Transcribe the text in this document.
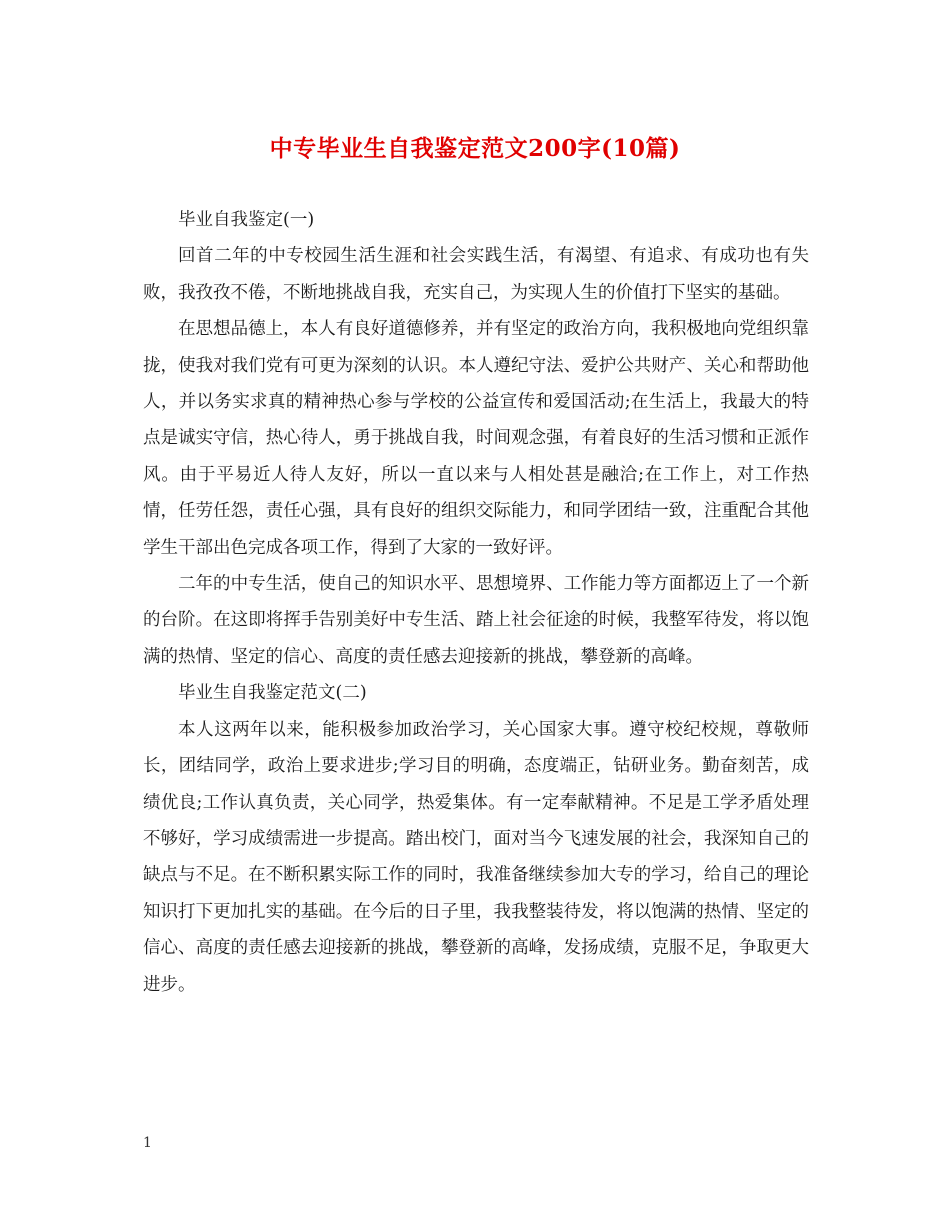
中专毕业生自我鉴定范文200字(10篇)

毕业自我鉴定(一)

回首二年的中专校园生活生涯和社会实践生活，有渴望、有追求、有成功也有失败，我孜孜不倦，不断地挑战自我，充实自己，为实现人生的价值打下坚实的基础。

在思想品德上，本人有良好道德修养，并有坚定的政治方向，我积极地向党组织靠拢，使我对我们党有可更为深刻的认识。本人遵纪守法、爱护公共财产、关心和帮助他人，并以务实求真的精神热心参与学校的公益宣传和爱国活动;在生活上，我最大的特点是诚实守信，热心待人，勇于挑战自我，时间观念强，有着良好的生活习惯和正派作风。由于平易近人待人友好，所以一直以来与人相处甚是融洽;在工作上，对工作热情，任劳任怨，责任心强，具有良好的组织交际能力，和同学团结一致，注重配合其他学生干部出色完成各项工作，得到了大家的一致好评。

二年的中专生活，使自己的知识水平、思想境界、工作能力等方面都迈上了一个新的台阶。在这即将挥手告别美好中专生活、踏上社会征途的时候，我整军待发，将以饱满的热情、坚定的信心、高度的责任感去迎接新的挑战，攀登新的高峰。

毕业生自我鉴定范文(二)

本人这两年以来，能积极参加政治学习，关心国家大事。遵守校纪校规，尊敬师长，团结同学，政治上要求进步;学习目的明确，态度端正，钻研业务。勤奋刻苦，成绩优良;工作认真负责，关心同学，热爱集体。有一定奉献精神。不足是工学矛盾处理不够好，学习成绩需进一步提高。踏出校门，面对当今飞速发展的社会，我深知自己的缺点与不足。在不断积累实际工作的同时，我准备继续参加大专的学习，给自己的理论知识打下更加扎实的基础。在今后的日子里，我我整装待发，将以饱满的热情、坚定的信心、高度的责任感去迎接新的挑战，攀登新的高峰，发扬成绩，克服不足，争取更大进步。

1
